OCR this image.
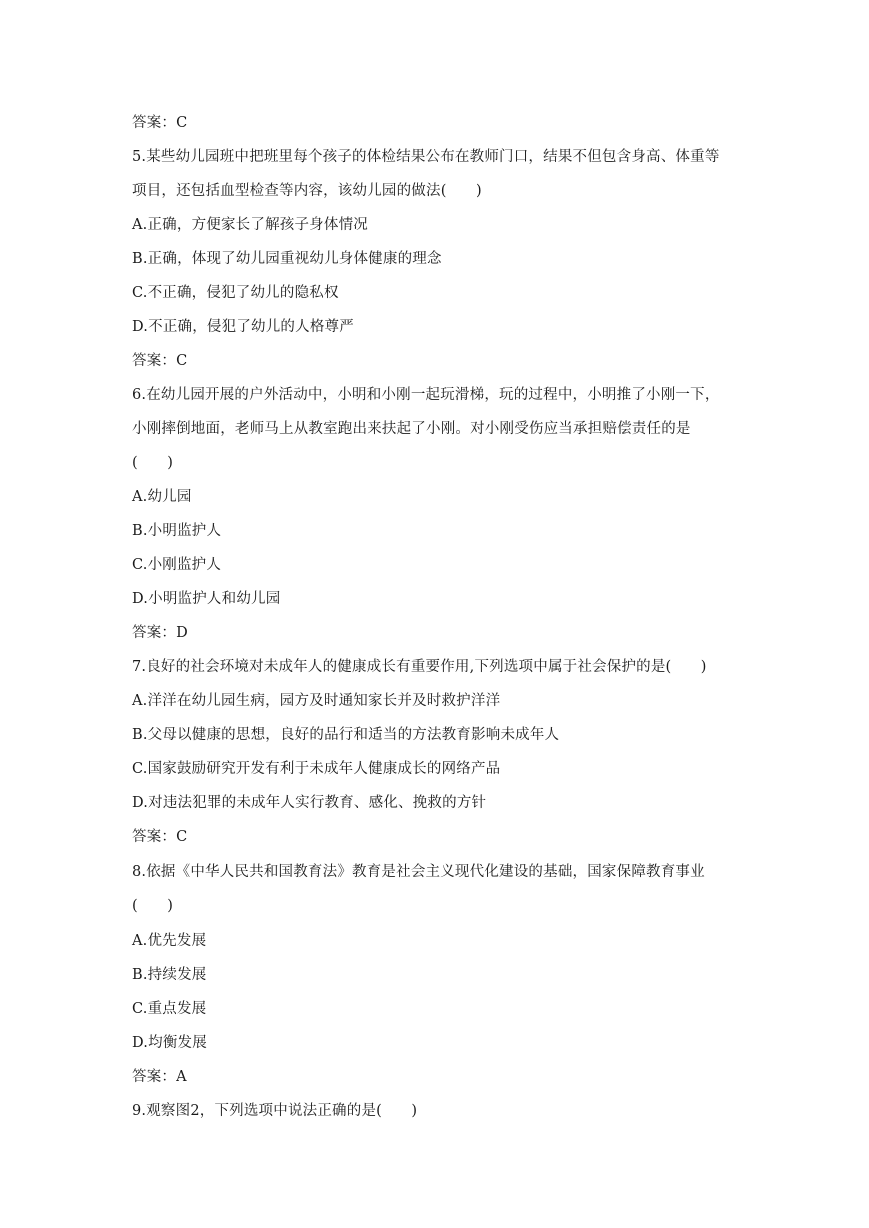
答案：C
5.某些幼儿园班中把班里每个孩子的体检结果公布在教师门口，结果不但包含身高、体重等
项目，还包括血型检查等内容，该幼儿园的做法(　　)
A.正确，方便家长了解孩子身体情况
B.正确，体现了幼儿园重视幼儿身体健康的理念
C.不正确，侵犯了幼儿的隐私权
D.不正确，侵犯了幼儿的人格尊严
答案：C
6.在幼儿园开展的户外活动中，小明和小刚一起玩滑梯，玩的过程中，小明推了小刚一下，
小刚摔倒地面，老师马上从教室跑出来扶起了小刚。对小刚受伤应当承担赔偿责任的是
(　　)
A.幼儿园
B.小明监护人
C.小刚监护人
D.小明监护人和幼儿园
答案：D
7.良好的社会环境对未成年人的健康成长有重要作用,下列选项中属于社会保护的是(　　)
A.洋洋在幼儿园生病，园方及时通知家长并及时救护洋洋
B.父母以健康的思想，良好的品行和适当的方法教育影响未成年人
C.国家鼓励研究开发有利于未成年人健康成长的网络产品
D.对违法犯罪的未成年人实行教育、感化、挽救的方针
答案：C
8.依据《中华人民共和国教育法》教育是社会主义现代化建设的基础，国家保障教育事业
(　　)
A.优先发展
B.持续发展
C.重点发展
D.均衡发展
答案：A
9.观察图2，下列选项中说法正确的是(　　)
